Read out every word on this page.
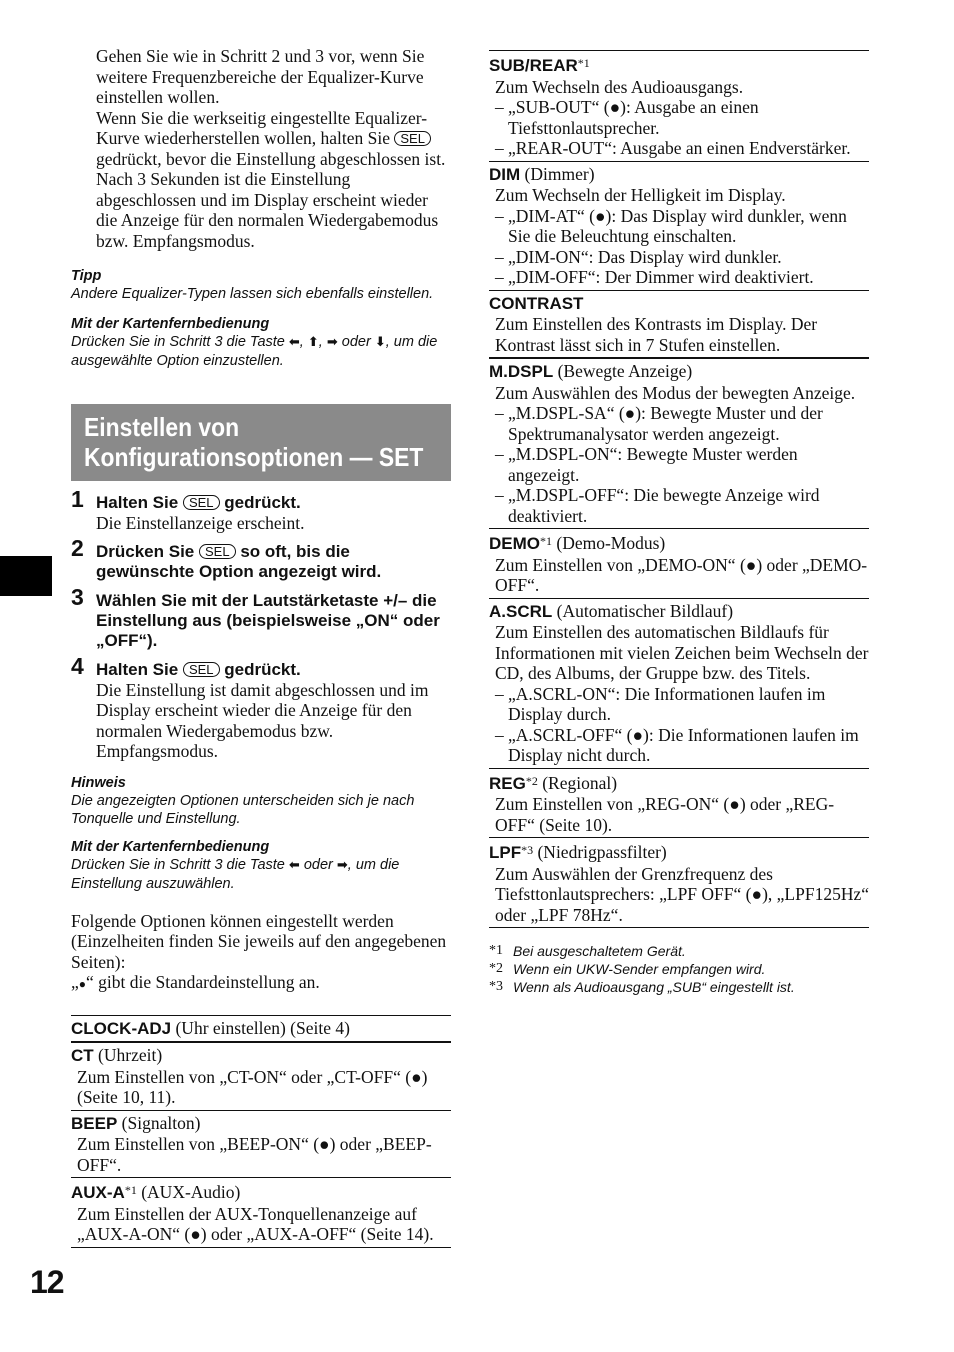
12

Gehen Sie wie in Schritt 2 und 3 vor, wenn Sie weitere Frequenzbereiche der Equalizer-Kurve einstellen wollen.

Wenn Sie die werkseitig eingestellte Equalizer-Kurve wiederherstellen wollen, halten Sie SEL gedrückt, bevor die Einstellung abgeschlossen ist.

Nach 3 Sekunden ist die Einstellung abgeschlossen und im Display erscheint wieder die Anzeige für den normalen Wiedergabemodus bzw. Empfangsmodus.

Tipp
Andere Equalizer-Typen lassen sich ebenfalls einstellen.
Mit der Kartenfernbedienung
Drücken Sie in Schritt 3 die Taste ⬅, ⬆, ➡ oder ⬇, um die ausgewählte Option einzustellen.
Einstellen von
Konfigurationsoptionen — SET
1 Halten Sie SEL gedrückt.

Die Einstellanzeige erscheint.

2 Drücken Sie SEL so oft, bis die gewünschte Option angezeigt wird.
3 Wählen Sie mit der Lautstärketaste +/– die Einstellung aus (beispielsweise „ON“ oder „OFF“).
4 Halten Sie SEL gedrückt.

Die Einstellung ist damit abgeschlossen und im Display erscheint wieder die Anzeige für den normalen Wiedergabemodus bzw. Empfangsmodus.

Hinweis
Die angezeigten Optionen unterscheiden sich je nach Tonquelle und Einstellung.
Mit der Kartenfernbedienung
Drücken Sie in Schritt 3 die Taste ⬅ oder ➡, um die Einstellung auszuwählen.
Folgende Optionen können eingestellt werden (Einzelheiten finden Sie jeweils auf den angegebenen Seiten):
„●“ gibt die Standardeinstellung an.
CLOCK-ADJ (Uhr einstellen) (Seite 4)
CT (Uhrzeit)
Zum Einstellen von „CT-ON“ oder „CT-OFF“ (●) (Seite 10, 11).
BEEP (Signalton)
Zum Einstellen von „BEEP-ON“ (●) oder „BEEP-OFF“.
AUX-A$^{*1}$ (AUX-Audio)
Zum Einstellen der AUX-Tonquellenanzeige auf „AUX-A-ON“ (●) oder „AUX-A-OFF“ (Seite 14).
SUB/REAR$^{*1}$
Zum Wechseln des Audioausgangs.
– „SUB-OUT“ (●): Ausgabe an einen Tiefsttonlautsprecher.
– „REAR-OUT“: Ausgabe an einen Endverstärker.
DIM (Dimmer)
Zum Wechseln der Helligkeit im Display.
– „DIM-AT“ (●): Das Display wird dunkler, wenn Sie die Beleuchtung einschalten.
– „DIM-ON“: Das Display wird dunkler.
– „DIM-OFF“: Der Dimmer wird deaktiviert.
CONTRAST
Zum Einstellen des Kontrasts im Display. Der Kontrast lässt sich in 7 Stufen einstellen.
M.DSPL (Bewegte Anzeige)
Zum Auswählen des Modus der bewegten Anzeige.
– „M.DSPL-SA“ (●): Bewegte Muster und der Spektrumanalysator werden angezeigt.
– „M.DSPL-ON“: Bewegte Muster werden angezeigt.
– „M.DSPL-OFF“: Die bewegte Anzeige wird deaktiviert.
DEMO$^{*1}$ (Demo-Modus)
Zum Einstellen von „DEMO-ON“ (●) oder „DEMO-OFF“.
A.SCRL (Automatischer Bildlauf)
Zum Einstellen des automatischen Bildlaufs für Informationen mit vielen Zeichen beim Wechseln der CD, des Albums, der Gruppe bzw. des Titels.
– „A.SCRL-ON“: Die Informationen laufen im Display durch.
– „A.SCRL-OFF“ (●): Die Informationen laufen im Display nicht durch.
REG$^{*2}$ (Regional)
Zum Einstellen von „REG-ON“ (●) oder „REG-OFF“ (Seite 10).
LPF$^{*3}$ (Niedrigpassfilter)
Zum Auswählen der Grenzfrequenz des Tiefsttonlautsprechers: „LPF OFF“ (●), „LPF125Hz“ oder „LPF 78Hz“.
*1 Bei ausgeschaltetem Gerät.
*2 Wenn ein UKW-Sender empfangen wird.
*3 Wenn als Audioausgang „SUB“ eingestellt ist.
